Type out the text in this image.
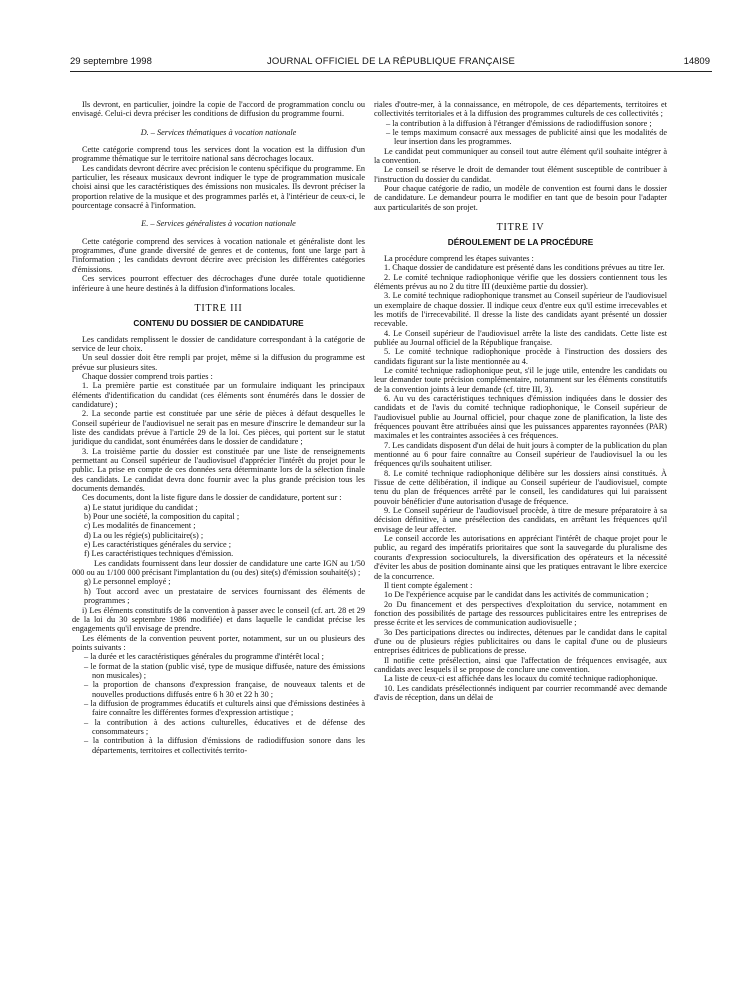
29 septembre 1998	JOURNAL OFFICIEL DE LA RÉPUBLIQUE FRANÇAISE	14809

Ils devront, en particulier, joindre la copie de l'accord de programmation conclu ou envisagé. Celui-ci devra préciser les conditions de diffusion du programme fourni.

D. – Services thématiques à vocation nationale

Cette catégorie comprend tous les services dont la vocation est la diffusion d'un programme thématique sur le territoire national sans décrochages locaux.

Les candidats devront décrire avec précision le contenu spécifique du programme. En particulier, les réseaux musicaux devront indiquer le type de programmation musicale choisi ainsi que les caractéristiques des émissions non musicales. Ils devront préciser la proportion relative de la musique et des programmes parlés et, à l'intérieur de ceux-ci, le pourcentage consacré à l'information.

E. – Services généralistes à vocation nationale

Cette catégorie comprend des services à vocation nationale et généraliste dont les programmes, d'une grande diversité de genres et de contenus, font une large part à l'information ; les candidats devront décrire avec précision les différentes catégories d'émissions.

Ces services pourront effectuer des décrochages d'une durée totale quotidienne inférieure à une heure destinés à la diffusion d'informations locales.

TITRE III

CONTENU DU DOSSIER DE CANDIDATURE

Les candidats remplissent le dossier de candidature correspondant à la catégorie de service de leur choix.

Un seul dossier doit être rempli par projet, même si la diffusion du programme est prévue sur plusieurs sites.

Chaque dossier comprend trois parties :

1. La première partie est constituée par un formulaire indiquant les principaux éléments d'identification du candidat (ces éléments sont énumérés dans le dossier de candidature) ;

2. La seconde partie est constituée par une série de pièces à défaut desquelles le Conseil supérieur de l'audiovisuel ne serait pas en mesure d'inscrire le demandeur sur la liste des candidats prévue à l'article 29 de la loi. Ces pièces, qui portent sur le statut juridique du candidat, sont énumérées dans le dossier de candidature ;

3. La troisième partie du dossier est constituée par une liste de renseignements permettant au Conseil supérieur de l'audiovisuel d'apprécier l'intérêt du projet pour le public. La prise en compte de ces données sera déterminante lors de la sélection finale des candidats. Le candidat devra donc fournir avec la plus grande précision tous les documents demandés.

Ces documents, dont la liste figure dans le dossier de candidature, portent sur :

a) Le statut juridique du candidat ;

b) Pour une société, la composition du capital ;

c) Les modalités de financement ;

d) La ou les régie(s) publicitaire(s) ;

e) Les caractéristiques générales du service ;

f) Les caractéristiques techniques d'émission.

Les candidats fournissent dans leur dossier de candidature une carte IGN au 1/50 000 ou au 1/100 000 précisant l'implantation du (ou des) site(s) d'émission souhaité(s) ;

g) Le personnel employé ;

h) Tout accord avec un prestataire de services fournissant des éléments de programmes ;

i) Les éléments constitutifs de la convention à passer avec le conseil (cf. art. 28 et 29 de la loi du 30 septembre 1986 modifiée) et dans laquelle le candidat précise les engagements qu'il envisage de prendre.

Les éléments de la convention peuvent porter, notamment, sur un ou plusieurs des points suivants :

– la durée et les caractéristiques générales du programme d'intérêt local ;

– le format de la station (public visé, type de musique diffusée, nature des émissions non musicales) ;

– la proportion de chansons d'expression française, de nouveaux talents et de nouvelles productions diffusés entre 6 h 30 et 22 h 30 ;

– la diffusion de programmes éducatifs et culturels ainsi que d'émissions destinées à faire connaître les différentes formes d'expression artistique ;

– la contribution à des actions culturelles, éducatives et de défense des consommateurs ;

– la contribution à la diffusion d'émissions de radiodiffusion sonore dans les départements, territoires et collectivités territo-

riales d'outre-mer, à la connaissance, en métropole, de ces départements, territoires et collectivités territoriales et à la diffusion des programmes culturels de ces collectivités ;

– la contribution à la diffusion à l'étranger d'émissions de radiodiffusion sonore ;

– le temps maximum consacré aux messages de publicité ainsi que les modalités de leur insertion dans les programmes.

Le candidat peut communiquer au conseil tout autre élément qu'il souhaite intégrer à la convention.

Le conseil se réserve le droit de demander tout élément susceptible de contribuer à l'instruction du dossier du candidat.

Pour chaque catégorie de radio, un modèle de convention est fourni dans le dossier de candidature. Le demandeur pourra le modifier en tant que de besoin pour l'adapter aux particularités de son projet.

TITRE IV

DÉROULEMENT DE LA PROCÉDURE

La procédure comprend les étapes suivantes :

1. Chaque dossier de candidature est présenté dans les conditions prévues au titre Ier.

2. Le comité technique radiophonique vérifie que les dossiers contiennent tous les éléments prévus au no 2 du titre III (deuxième partie du dossier).

3. Le comité technique radiophonique transmet au Conseil supérieur de l'audiovisuel un exemplaire de chaque dossier. Il indique ceux d'entre eux qu'il estime irrecevables et les motifs de l'irrecevabilité. Il dresse la liste des candidats ayant présenté un dossier recevable.

4. Le Conseil supérieur de l'audiovisuel arrête la liste des candidats. Cette liste est publiée au Journal officiel de la République française.

5. Le comité technique radiophonique procède à l'instruction des dossiers des candidats figurant sur la liste mentionnée au 4.

Le comité technique radiophonique peut, s'il le juge utile, entendre les candidats ou leur demander toute précision complémentaire, notamment sur les éléments constitutifs de la convention joints à leur demande (cf. titre III, 3).

6. Au vu des caractéristiques techniques d'émission indiquées dans le dossier des candidats et de l'avis du comité technique radiophonique, le Conseil supérieur de l'audiovisuel publie au Journal officiel, pour chaque zone de planification, la liste des fréquences pouvant être attribuées ainsi que les puissances apparentes rayonnées (PAR) maximales et les contraintes associées à ces fréquences.

7. Les candidats disposent d'un délai de huit jours à compter de la publication du plan mentionné au 6 pour faire connaître au Conseil supérieur de l'audiovisuel la ou les fréquences qu'ils souhaitent utiliser.

8. Le comité technique radiophonique délibère sur les dossiers ainsi constitués. À l'issue de cette délibération, il indique au Conseil supérieur de l'audiovisuel, compte tenu du plan de fréquences arrêté par le conseil, les candidatures qui lui paraissent pouvoir bénéficier d'une autorisation d'usage de fréquence.

9. Le Conseil supérieur de l'audiovisuel procède, à titre de mesure préparatoire à sa décision définitive, à une présélection des candidats, en arrêtant les fréquences qu'il envisage de leur affecter.

Le conseil accorde les autorisations en appréciant l'intérêt de chaque projet pour le public, au regard des impératifs prioritaires que sont la sauvegarde du pluralisme des courants d'expression socioculturels, la diversification des opérateurs et la nécessité d'éviter les abus de position dominante ainsi que les pratiques entravant le libre exercice de la concurrence.

Il tient compte également :

1o De l'expérience acquise par le candidat dans les activités de communication ;

2o Du financement et des perspectives d'exploitation du service, notamment en fonction des possibilités de partage des ressources publicitaires entre les entreprises de presse écrite et les services de communication audiovisuelle ;

3o Des participations directes ou indirectes, détenues par le candidat dans le capital d'une ou de plusieurs régies publicitaires ou dans le capital d'une ou de plusieurs entreprises éditrices de publications de presse.

Il notifie cette présélection, ainsi que l'affectation de fréquences envisagée, aux candidats avec lesquels il se propose de conclure une convention.

La liste de ceux-ci est affichée dans les locaux du comité technique radiophonique.

10. Les candidats présélectionnés indiquent par courrier recommandé avec demande d'avis de réception, dans un délai de
